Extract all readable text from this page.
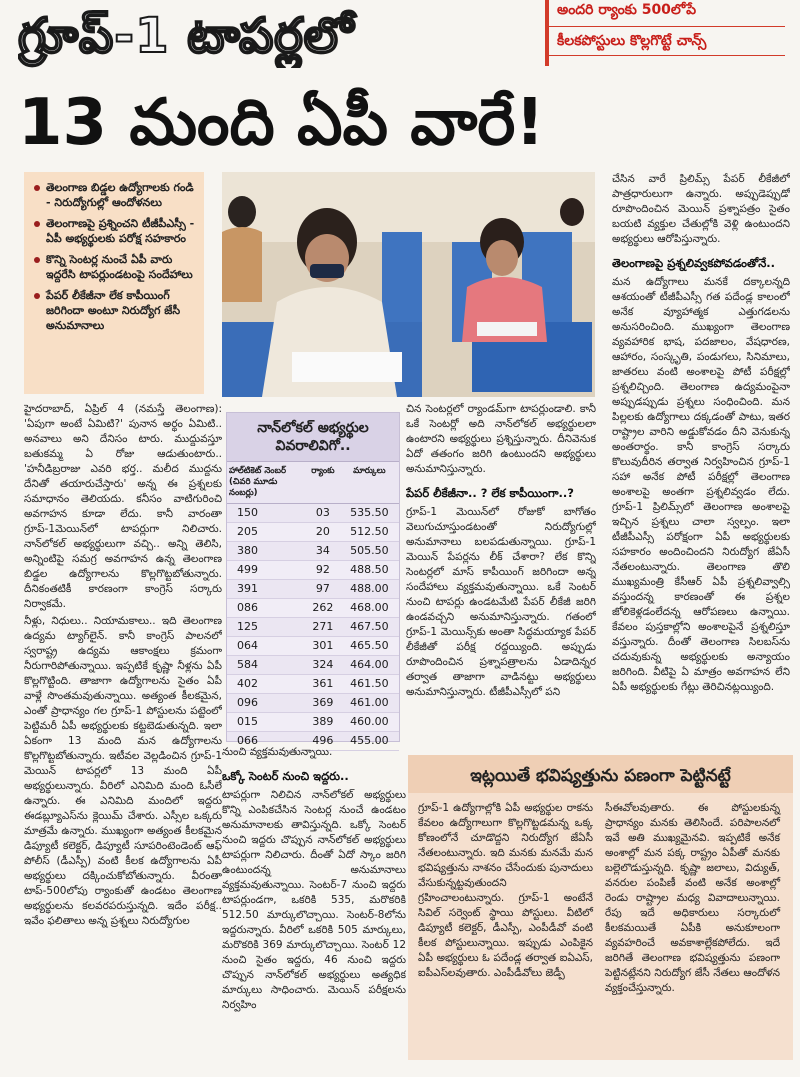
గ్రూప్-1 టాపర్లలో
13 మంది ఏపీ వారే!
అందరి ర్యాంకు 500లోపే
కీలకపోస్టులు కొల్లగొట్టే చాన్స్
తెలంగాణ బిడ్డల ఉద్యోగాలకు గండి - నిరుద్యోగుల్లో ఆందోళనలు
తెలంగాణపై ప్రశ్నించని టీజీపీఎస్సీ - ఏపీ అభ్యర్థులకు పరోక్ష సహకారం
కొన్ని సెంటర్ల నుంచే ఏపీ వారు ఇద్దరేసి టాపర్లుండటంపై సందేహాలు
పేపర్ లీకేజీనా లేక కాపీయింగ్ జరిగిందా అంటూ నిరుద్యోగ జేసీ అనుమానాలు

హైదరాబాద్, ఏప్రిల్ 4 (నమస్తే తెలంగాణ): 'ఏపుగా అంటే ఏమిటి?' పునాన అర్థం ఏమిటి.. అనవాలు అని దేనిసం టారు. ముద్దువస్తూ బతుకమ్మ ఏ రోజు ఆడుతుంటారు.. 'హనీడిబ్రరాజు ఎవరి భర్త.. మలీద ముద్దను దేనితో తయారుచేస్తారు' అన్న ఈ ప్రశ్నలకు సమాధానం తెలియదు. కనీసం వాటిగురించి అవగాహన కూడా లేదు. కానీ వారంతా గ్రూప్-1మెయిన్‌లో టాపర్లుగా నిలిచారు. నాన్‌లోకల్ అభ్యర్థులుగా వచ్చి.. అన్ని తెలిసి, అన్నింటిపై సమగ్ర అవగాహన ఉన్న తెలంగాణ బిడ్డల ఉద్యోగాలను కొల్లగొట్టబోతున్నారు. దీనికంతటికీ కారణంగా కాంగ్రెస్ సర్కారు నిర్వాకమే.

నీళ్లు, నిధులు.. నియామకాలు.. ఇది తెలంగాణ ఉద్యమ ట్యాగ్‌లైన్. కానీ కాంగ్రెస్ పాలనలో స్వరాష్ట్ర ఉద్యమ ఆకాంక్షలు క్రమంగా నీరుగారిపోతున్నాయి. ఇప్పటికే కృష్ణా నీళ్లను ఏపీ కొల్లగొట్టింది. తాజాగా ఉద్యోగాలను సైతం ఏపీ వాళ్లే సొంతమవుతున్నాయి. అత్యంత కీలకమైన, ఎంతో ప్రాధాన్యం గల గ్రూప్-1 పోస్టులను పట్టెంలో పెట్టిమరీ ఏపీ అభ్యర్థులకు కట్టబెడుతున్నది. ఇలా ఏకంగా 13 మంది మన ఉద్యోగాలను కొల్లగొట్టబోతున్నారు. ఇటీవల వెల్లడించిన గ్రూప్-1 మెయిన్ టాపర్లలో 13 మంది ఏపీ అభ్యర్థులున్నారు. వీరిలో ఎనిమిది మంది ఓసీలే ఉన్నారు. ఈ ఎనిమిది మందిలో ఇద్దరు ఈడబ్ల్యూఎస్‌ను క్లెయిమ్ చేశారు. ఎస్సీల ఒక్కరు మాత్రమే ఉన్నారు. ముఖ్యంగా అత్యంత కీలకమైన డిప్యూటీ కలెక్టర్, డిప్యూటీ సూపరింటెండెంట్ ఆఫ్ పోలీస్ (డీఎస్పీ) వంటి కీలక ఉద్యోగాలను ఏపీ అభ్యర్థులు దక్కించుకోబోతున్నారు. వీరంతా టాప్-500లోపు ర్యాంకుతో ఉండటం తెలంగాణ అభ్యర్థులను కలవరపరుస్తున్నది. ఇదేం పరీక్ష.. ఇవేం ఫలితాలు అన్న ప్రశ్నలు నిరుద్యోగుల

నాన్‌లోకల్ అభ్యర్థుల వివరాలివిగో..
హాల్‌టికెట్ నెంబర్ (చివరి మూడు నంబర్లు)
ర్యాంకు	మార్కులు
150	03	535.50
205	20	512.50
380	34	505.50
499	92	488.50
391	97	488.00
086	262	468.00
125	271	467.50
064	301	465.50
584	324	464.00
402	361	461.50
096	369	461.00
015	389	460.00
066	496	455.00

చిన సెంటర్లలో ర్యాండమ్‌గా టాపర్లుండాలి. కానీ ఒకే సెంటర్లో అది నాన్‌లోకల్ అభ్యర్థులలా ఉంటారని అభ్యర్థులు ప్రశ్నిస్తున్నారు. దీనివెనుక ఏదో తతంగం జరిగి ఉంటుందని అభ్యర్థులు అనుమానిస్తున్నారు.

పేపర్ లీకేజీనా.. ? లేక కాపీయింగా..?

గ్రూప్-1 మెయిన్‌లో రోజుకో బాగోతం వెలుగుచూస్తుండటంతో నిరుద్యోగుల్లో అనుమానాలు బలపడుతున్నాయి. గ్రూప్-1 మెయిన్ పేపర్లను లీక్ చేశారా? లేక కొన్ని సెంటర్లలో మాస్ కాపీయింగ్ జరిగిందా అన్న సందేహాలు వ్యక్తమవుతున్నాయి. ఒకే సెంటర్ నుంచి టాపర్లు ఉండటమేటి పేపర్ లీకేజీ జరిగి ఉండవచ్చని అనుమానిస్తున్నారు. గతంలో గ్రూప్-1 మెయిన్స్‌కు అంతా సిద్ధమయ్యాక పేపర్ లీకేజీతో పరీక్ష రద్దయ్యింది. అప్పుడు రూపొందించిన ప్రశ్నాపత్రాలను ఏడాదిన్నర తర్వాత తాజాగా వాడినట్టు అభ్యర్థులు అనుమానిస్తున్నారు. టీజీపీఎస్సీలో పని

చేసిన వారే ప్రిలిమ్స్ పేపర్ లీకేజీలో పాత్రధారులుగా ఉన్నారు. అప్పుడెప్పుడో రూపొందించిన మెయిన్ ప్రశ్నాపత్రం సైతం బయటి వ్యక్తుల చేతుల్లోకి వెళ్లి ఉంటుందని అభ్యర్థులు ఆరోపిస్తున్నారు.

తెలంగాణపై ప్రశ్నలివ్వకపోవడంతోనే..

మన ఉద్యోగాలు మనకే దక్కాలన్నది ఆశయంతో టీజీపీఎస్సీ గత పదేండ్ల కాలంలో అనేక వ్యూహాత్మక ఎత్తుగడలను అనుసరించింది. ముఖ్యంగా తెలంగాణ వ్యవహారిక భాష, పదజాలం, వేషధారణ, ఆహారం, సంస్కృతి, పండుగలు, సినిమాలు, జాతరలు వంటి అంశాలపై పోటీ పరీక్షల్లో ప్రశ్నలిచ్చింది. తెలంగాణ ఉద్యమంపైనా అప్పుడప్పుడు ప్రశ్నలు సంధించింది. మన పిల్లలకు ఉద్యోగాలు దక్కడంతో పాటు, ఇతర రాష్ట్రాల వారిని అడ్డుకోవడం దీని వెనుకున్న అంతరార్థం. కానీ కాంగ్రెస్ సర్కారు కొలువుదీరిన తర్వాత నిర్వహించిన గ్రూప్-1 సహా అనేక పోటీ పరీక్షల్లో తెలంగాణ అంశాలపై అంతగా ప్రశ్నలివ్వడం లేదు. గ్రూప్-1 ప్రిలిమ్స్‌లో తెలంగాణ అంశాలపై ఇచ్చిన ప్రశ్నలు చాలా స్వల్పం. ఇలా టీజీపీఎస్సీ పరోక్షంగా ఏపీ అభ్యర్థులకు సహకారం అందించిందని నిరుద్యోగ జేఏసీ నేతలంటున్నారు. తెలంగాణ తొలి ముఖ్యమంత్రి కేసీఆర్ ఏపీ ప్రశ్నలివ్వాల్సి వస్తుందన్న కారణంతో ఈ ప్రశ్నల జోలికెళ్లడంలేదన్న ఆరోపణలు ఉన్నాయి. కేవలం పుస్తకాల్లోని అంశాలపైనే ప్రశ్నలిస్తూ వస్తున్నారు. దీంతో తెలంగాణ సిలబస్‌ను చదువుకున్న అభ్యర్థులకు అన్యాయం జరిగింది. వీటిపై ఏ మాత్రం అవగాహన లేని ఏపీ అభ్యర్థులకు గేట్లు తెరిచినట్లయ్యింది.

నుంచి వ్యక్తమవుతున్నాయి.

ఒక్కో సెంటర్ నుంచి ఇద్దరు..

టాపర్లుగా నిలిచిన నాన్‌లోకల్ అభ్యర్థులు కొన్ని ఎంపికచేసిన సెంటర్ల నుంచే ఉండటం అనుమానాలకు తావిస్తున్నది. ఒక్కో సెంటర్ నుంచి ఇద్దరు చొప్పున నాన్‌లోకల్ అభ్యర్థులు టాపర్లుగా నిలిచారు. దీంతో ఏదో స్కాం జరిగి ఉంటుందన్న అనుమానాలు వ్యక్తమవుతున్నాయి. సెంటర్-7 నుంచి ఇద్దరు టాపర్లుండగా, ఒకరికి 535, మరొకరికి 512.50 మార్కులొచ్చాయి. సెంటర్-8లోను ఇద్దరున్నారు. వీరిలో ఒకరికి 505 మార్కులు, మరొకరికి 369 మార్కులొచ్చాయి. సెంటర్ 12 నుంచి సైతం ఇద్దరు, 46 నుంచి ఇద్దరు చొప్పున నాన్‌లోకల్ అభ్యర్థులు అత్యధిక మార్కులు సాధించారు. మెయిన్ పరీక్షలను నిర్వహిం

ఇట్లయితే భవిష్యత్తును పణంగా పెట్టినట్టే
గ్రూప్-1 ఉద్యోగాల్లోకి ఏపీ అభ్యర్థుల రాకను కేవలం ఉద్యోగాలుగా కొల్లగొట్టడమన్న ఒక్క కోణంలోనే చూడొద్దని నిరుద్యోగ జేఏసీ నేతలంటున్నారు. ఇది మనకు మనమే మన భవిష్యత్తును నాశనం చేసేందుకు పునాదులు వేసుకున్నట్టవుతుందని గ్రహించాలంటున్నారు. గ్రూప్-1 అంటేనే సివిల్ సర్వెంట్ స్థాయి పోస్టులు. వీటిలో డిప్యూటీ కలెక్టర్, డీఎస్పీ, ఎంపీడీవో వంటి కీలక పోస్టులున్నాయి. ఇప్పుడు ఎంపికైన ఏపీ అభ్యర్థులు ఓ పదేండ్ల తర్వాత ఐఏఎస్, ఐపీఎస్‌లవుతారు. ఎంపీడీవోలు జెడ్పీ
సీఈవోలవుతారు. ఈ పోస్టులకున్న ప్రాధాన్యం మనకు తెలిసిందే. పరిపాలనలో ఇవే అతి ముఖ్యమైనవి. ఇప్పటికే అనేక అంశాల్లో మన పక్క రాష్ట్రం ఏపీతో మనకు బల్లెలొడుస్తున్నది. కృష్ణా జలాలు, విద్యుత్, వనరుల పంపిణీ వంటి అనేక అంశాల్లో రెండు రాష్ట్రాల మధ్య వివాదాలున్నాయి. రేపు ఇదే అధికారులు సర్కారులో కీలకమయితే ఏపీకి అనుకూలంగా వ్యవహరించే అవకాశాల్లేకపోలేదు. ఇదే జరిగితే తెలంగాణ భవిష్యత్తును పణంగా పెట్టినట్లేనని నిరుద్యోగ జేసీ నేతలు ఆందోళన వ్యక్తంచేస్తున్నారు.
